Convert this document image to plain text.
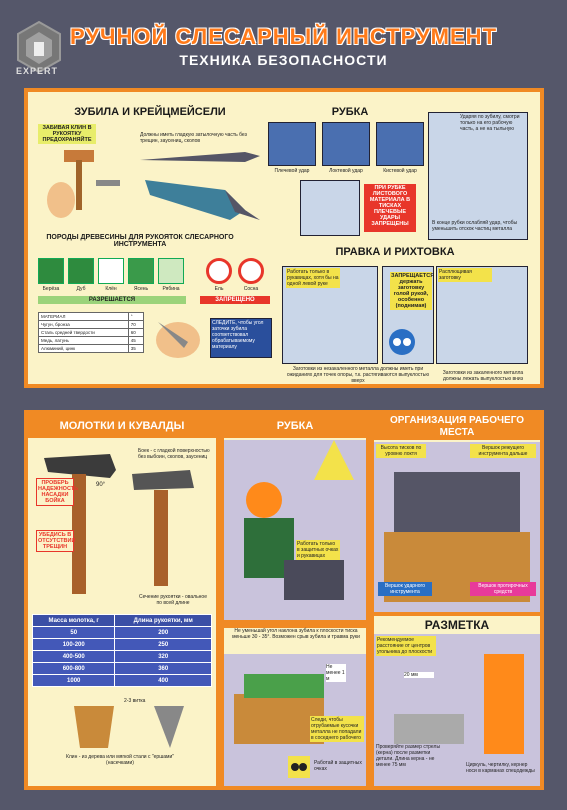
EXPERT
РУЧНОЙ СЛЕСАРНЫЙ ИНСТРУМЕНТ
ТЕХНИКА БЕЗОПАСНОСТИ
ЗУБИЛА И КРЕЙЦМЕЙСЕЛИ
ЗАБИВАЯ КЛИН В РУКОЯТКУ ПРЕДОХРАНЯЙТЕ
Должны иметь гладкую затылочную часть без трещин, заусениц, сколов
РУБКА
Плечевой удар	Локтевой удар	Кистевой удар
ПРИ РУБКЕ ЛИСТОВОГО МАТЕРИАЛА В ТИСКАХ ПЛЕЧЕВЫЕ УДАРЫ ЗАПРЕЩЕНЫ
Ударяя по зубилу, смотри только на его рабочую часть, а не на тыльную
В конце рубки ослабляй удар, чтобы уменьшить отскок частиц металла
ПОРОДЫ ДРЕВЕСИНЫ ДЛЯ РУКОЯТОК СЛЕСАРНОГО ИНСТРУМЕНТА
Берёза	Дуб	Клён	Ясень	Рябина	Ель	Сосна
РАЗРЕШАЕТСЯ	ЗАПРЕЩЕНО
МАТЕРИАЛ	°
Чугун, бронза	70
Сталь средней твердости	60
Медь, латунь	45
Алюминий, цинк	35
СЛЕДИТЕ, чтобы угол заточки зубила соответствовал обрабатываемому материалу
ПРАВКА И РИХТОВКА
Работать только в рукавицах, хотя бы на одной левой руке
ЗАПРЕЩАЕТСЯ держать заготовку голой рукой, особенно (поднимая)
Расплющивая заготовку
Заготовки из незакаленного металла должны иметь при ожиданиях для точек опоры, т.к. растягиваются выпуклостью вверх
Заготовки из закаленного металла должны лежать выпуклостью вниз
МОЛОТКИ И КУВАЛДЫ
Боек - с гладкой поверхностью без выбоин, сколов, заусениц
ПРОВЕРЬ НАДЕЖНОСТЬ НАСАДКИ БОЙКА
УБЕДИСЬ В ОТСУТСТВИИ ТРЕЩИН
90°
Сечение рукоятки - овальное по всей длине
Масса молотка, г	Длина рукоятки, мм
50	200
100-200	250
400-500	320
600-800	360
1000	400
2-3 витка
Клин - из дерева или мягкой стали с "ершами" (насечками)
РУБКА
Работать только в защитных очках и рукавицах
ОРГАНИЗАЦИЯ РАБОЧЕГО МЕСТА
Высота тисков по уровню локтя
Вершок режущего инструмента дальше
Вершок ударного инструмента
Вершок протирочных средств
Не уменьшай угол наклона зубила к плоскости тиска меньше 30 - 35°. Возможен срыв зубила и травма руки
Не менее 1 м
Следи, чтобы отрубаемые кусочки металла не попадали в соседнего рабочего
Работай в защитных очках
РАЗМЕТКА
Рекомендуемое расстояние от центров угольника до плоскости
20 мм
Проверяйте размер стрелы (керна) после разметки детали. Длина керна - не менее 75 мм	Циркуль, чертилку, кернер носи в карманах спецодежды
